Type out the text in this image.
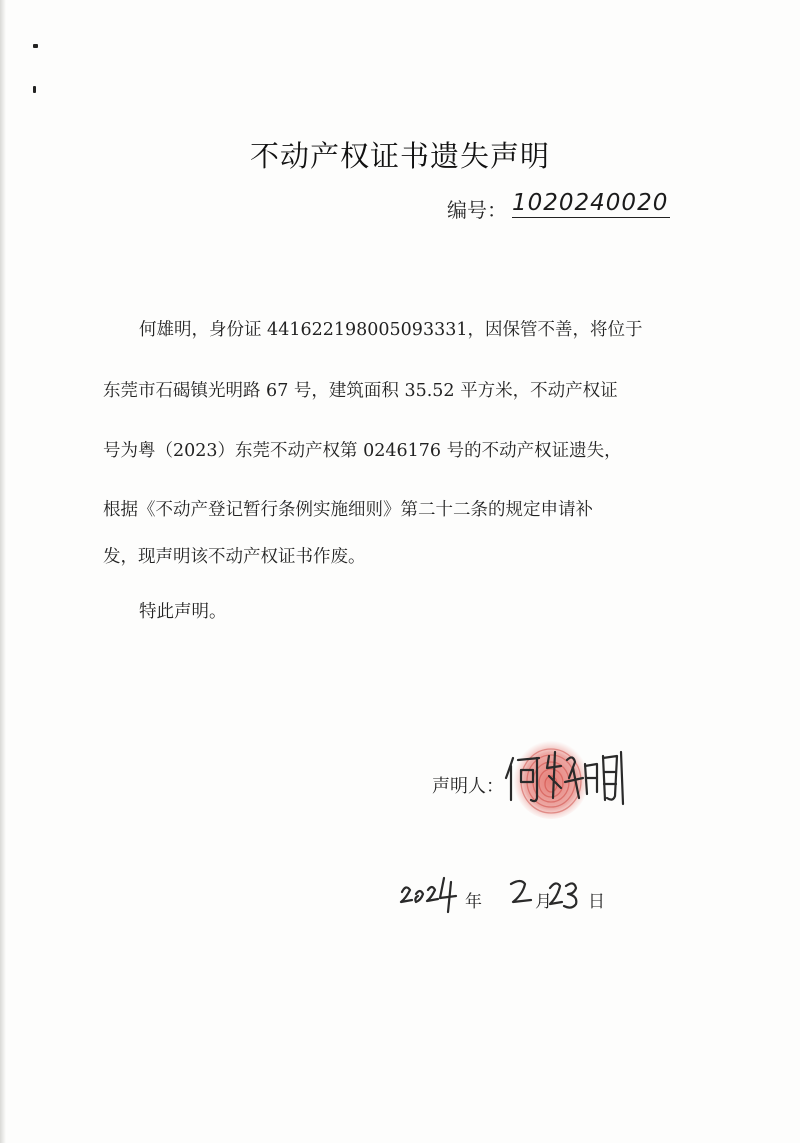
不动产权证书遗失声明
编号： 1020240020
何雄明，身份证 441622198005093331，因保管不善，将位于
东莞市石碣镇光明路 67 号，建筑面积 35.52 平方米，不动产权证
号为粤（2023）东莞不动产权第 0246176 号的不动产权证遗失，
根据《不动产登记暂行条例实施细则》第二十二条的规定申请补
发，现声明该不动产权证书作废。
特此声明。
声明人：
年	月 日
